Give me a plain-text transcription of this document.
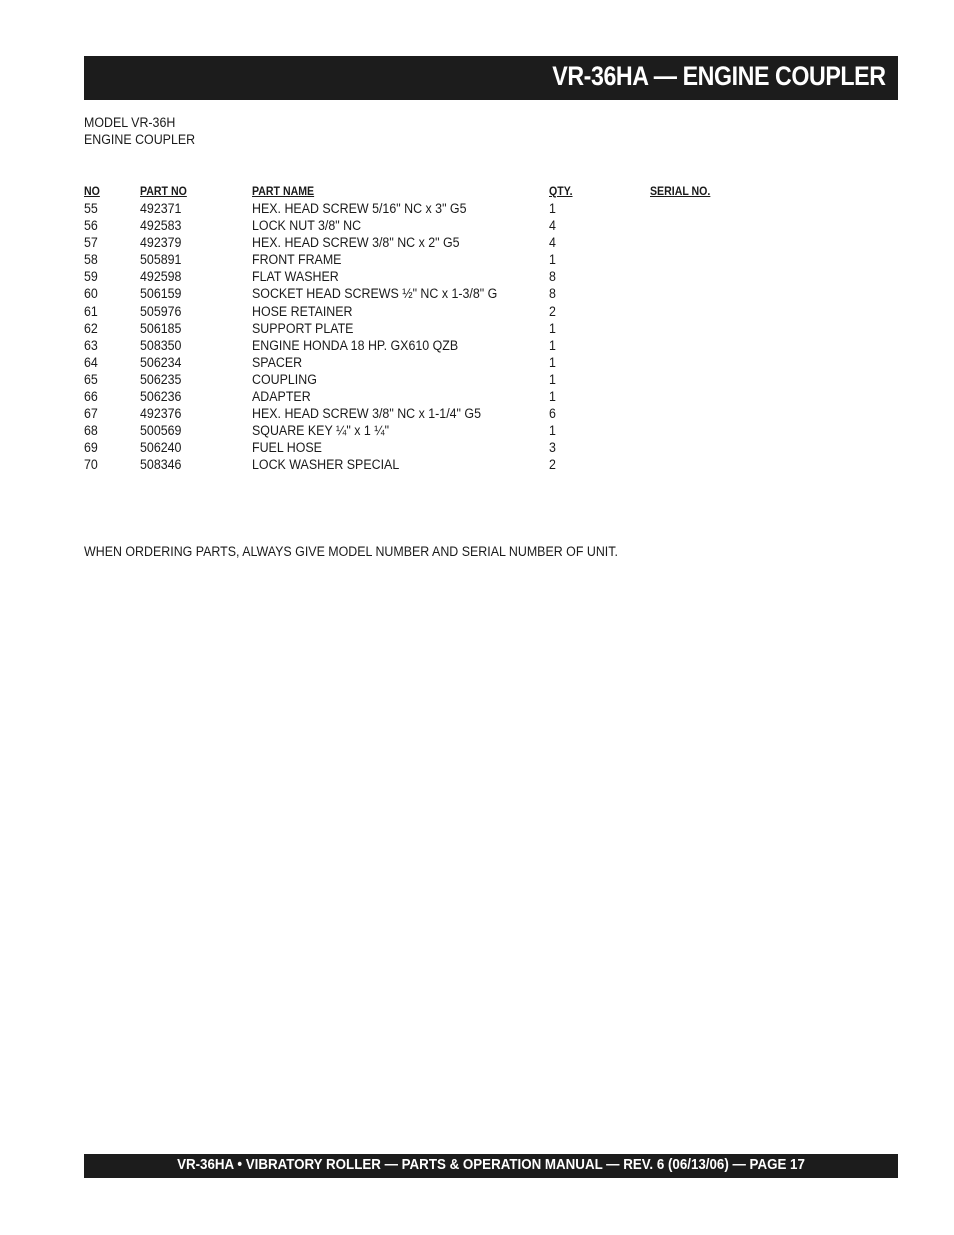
VR-36HA — ENGINE COUPLER
MODEL VR-36H
ENGINE COUPLER
NO	PART NO	PART NAME	QTY.	SERIAL NO.
55	492371	HEX. HEAD SCREW 5/16" NC x 3" G5	1
56	492583	LOCK NUT 3/8" NC	4
57	492379	HEX. HEAD SCREW 3/8" NC x 2" G5	4
58	505891	FRONT FRAME	1
59	492598	FLAT WASHER	8
60	506159	SOCKET HEAD SCREWS ½" NC x 1-3/8" G	8
61	505976	HOSE RETAINER	2
62	506185	SUPPORT PLATE	1
63	508350	ENGINE HONDA 18 HP. GX610 QZB	1
64	506234	SPACER	1
65	506235	COUPLING	1
66	506236	ADAPTER	1
67	492376	HEX. HEAD SCREW 3/8" NC x 1-1/4" G5	6
68	500569	SQUARE KEY ¼" x 1 ¼"	1
69	506240	FUEL HOSE	3
70	508346	LOCK WASHER SPECIAL	2
WHEN ORDERING PARTS, ALWAYS GIVE MODEL NUMBER AND SERIAL NUMBER OF UNIT.
VR-36HA • VIBRATORY ROLLER — PARTS & OPERATION MANUAL — REV. 6 (06/13/06) — PAGE 17
